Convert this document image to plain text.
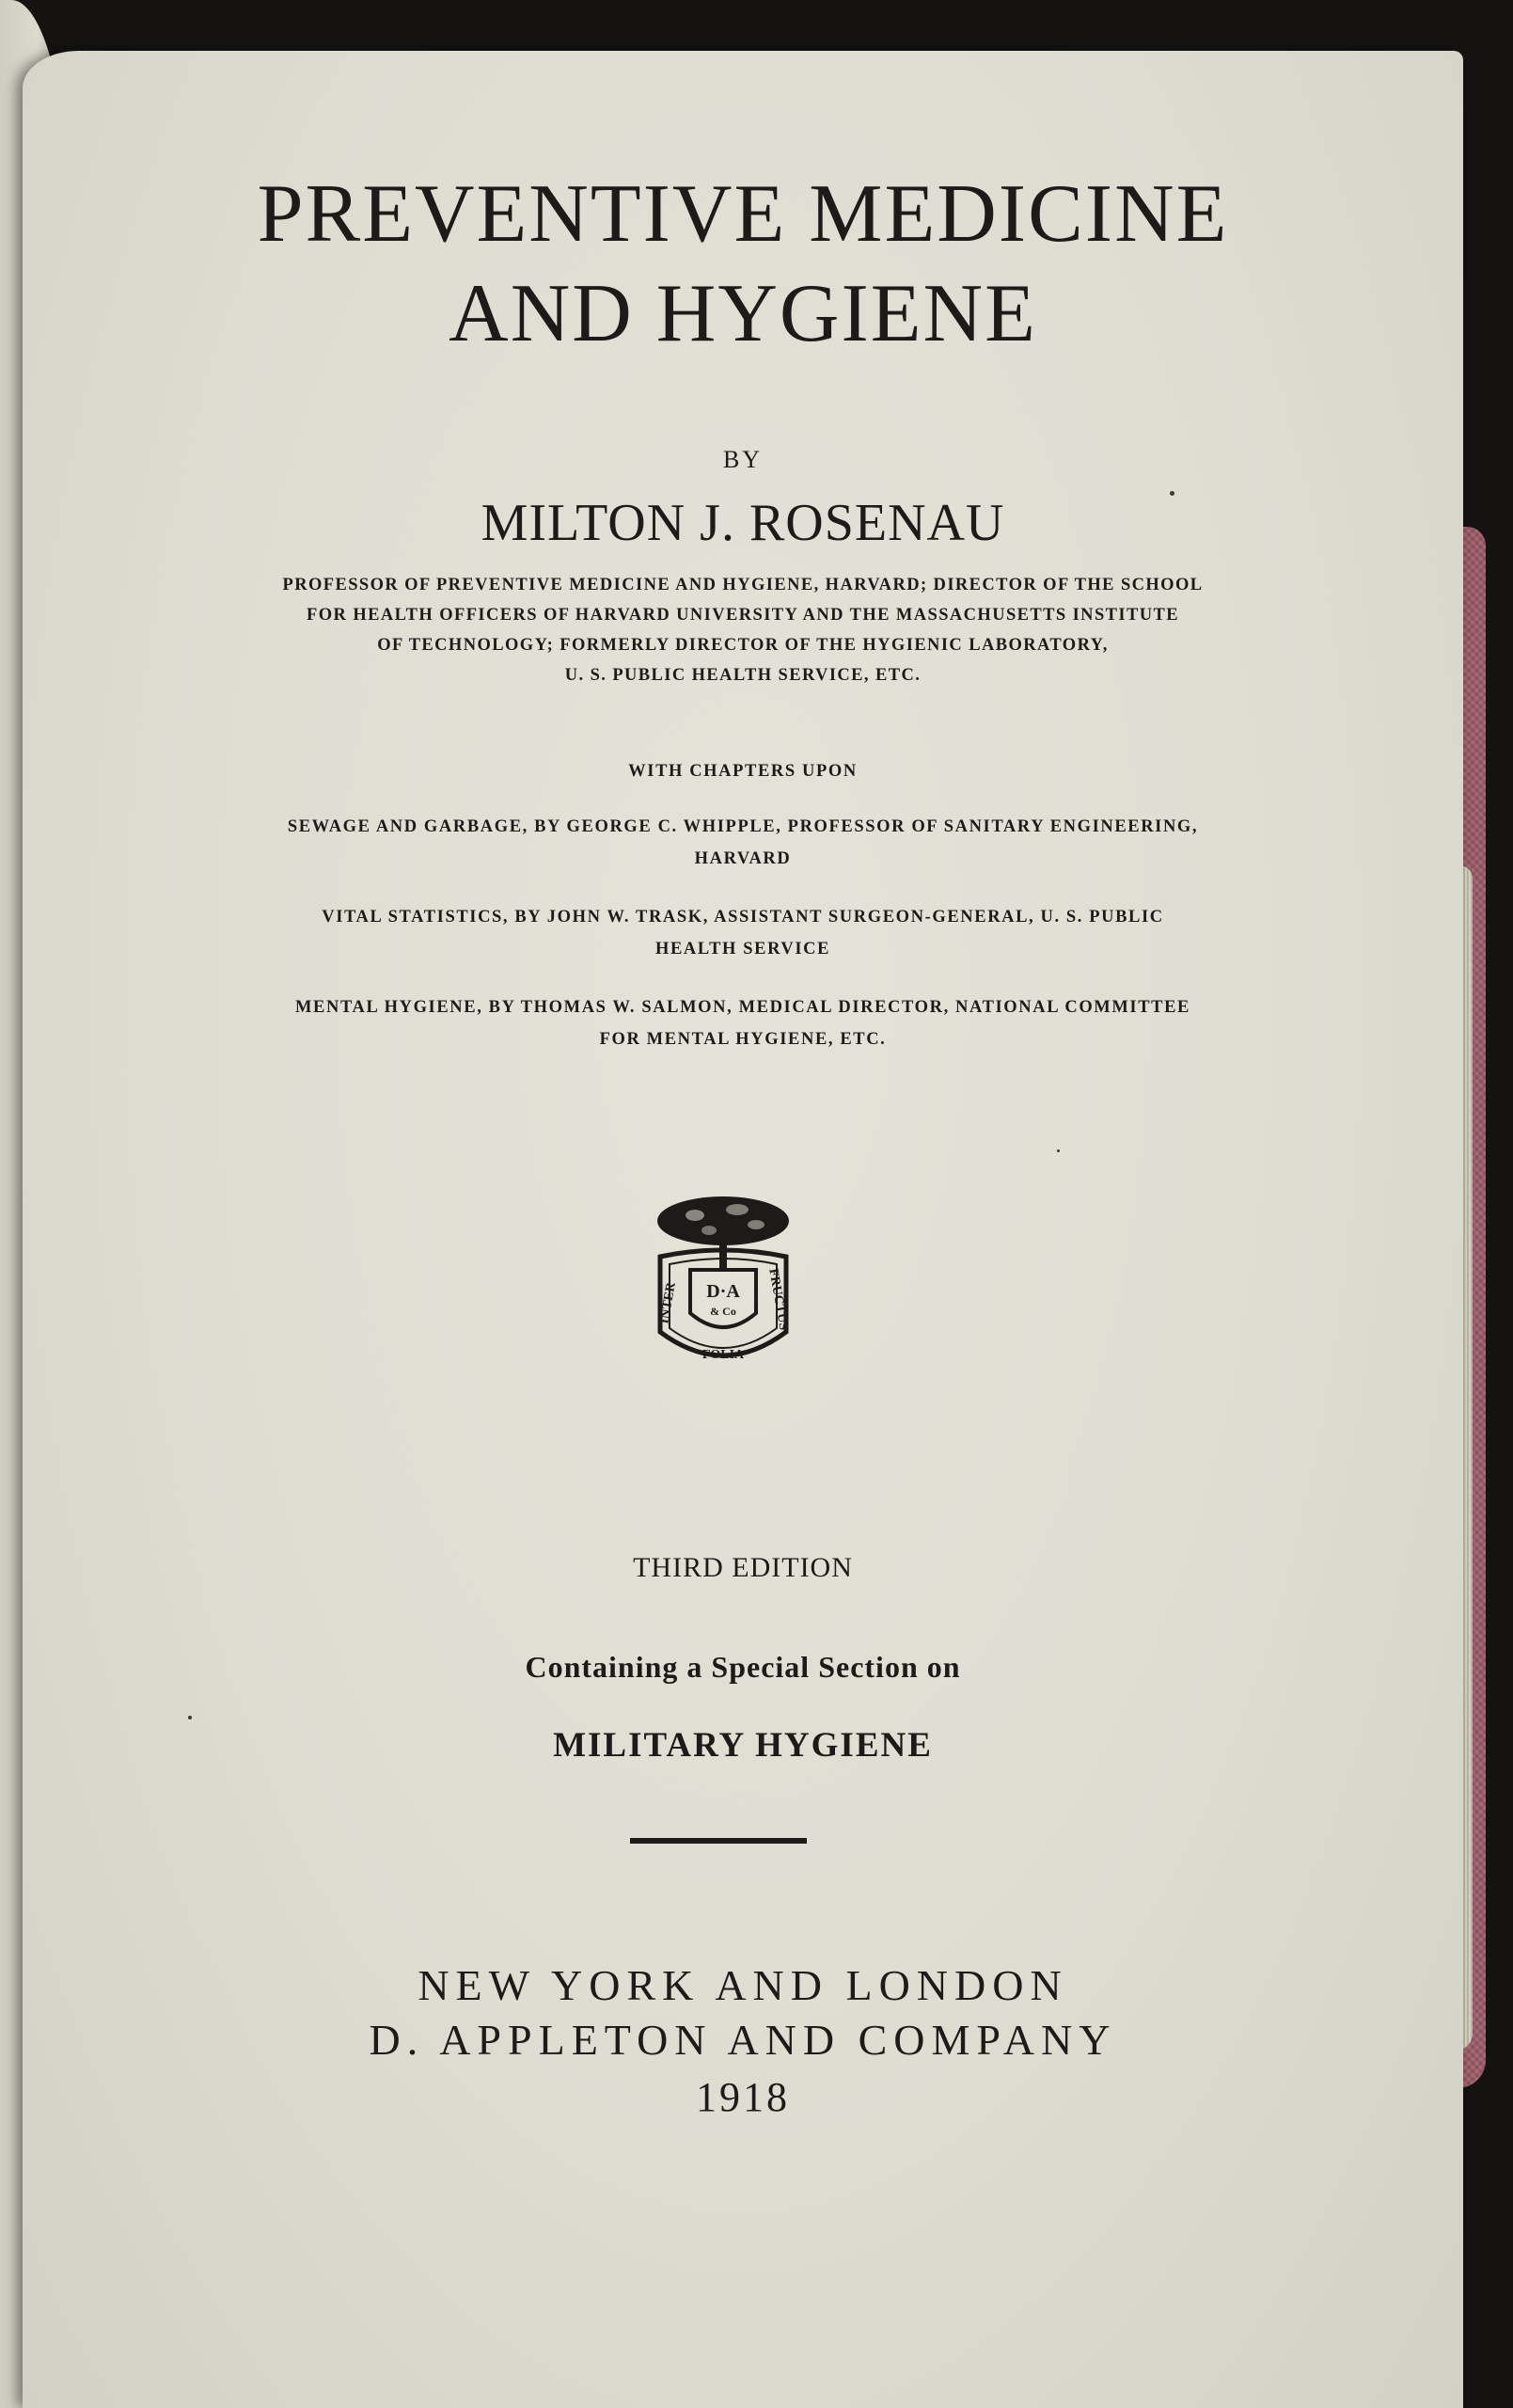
PREVENTIVE MEDICINE
AND HYGIENE
BY
MILTON J. ROSENAU
PROFESSOR OF PREVENTIVE MEDICINE AND HYGIENE, HARVARD; DIRECTOR OF THE SCHOOL
FOR HEALTH OFFICERS OF HARVARD UNIVERSITY AND THE MASSACHUSETTS INSTITUTE
OF TECHNOLOGY; FORMERLY DIRECTOR OF THE HYGIENIC LABORATORY,
U. S. PUBLIC HEALTH SERVICE, ETC.
WITH CHAPTERS UPON
SEWAGE AND GARBAGE, BY GEORGE C. WHIPPLE, PROFESSOR OF SANITARY ENGINEERING,
HARVARD
VITAL STATISTICS, BY JOHN W. TRASK, ASSISTANT SURGEON-GENERAL, U. S. PUBLIC
HEALTH SERVICE
MENTAL HYGIENE, BY THOMAS W. SALMON, MEDICAL DIRECTOR, NATIONAL COMMITTEE
FOR MENTAL HYGIENE, ETC.
D·A
& Co
INTER
FOLIA
FRUCTUS
THIRD EDITION
Containing a Special Section on
MILITARY HYGIENE
NEW YORK AND LONDON
D. APPLETON AND COMPANY
1918
